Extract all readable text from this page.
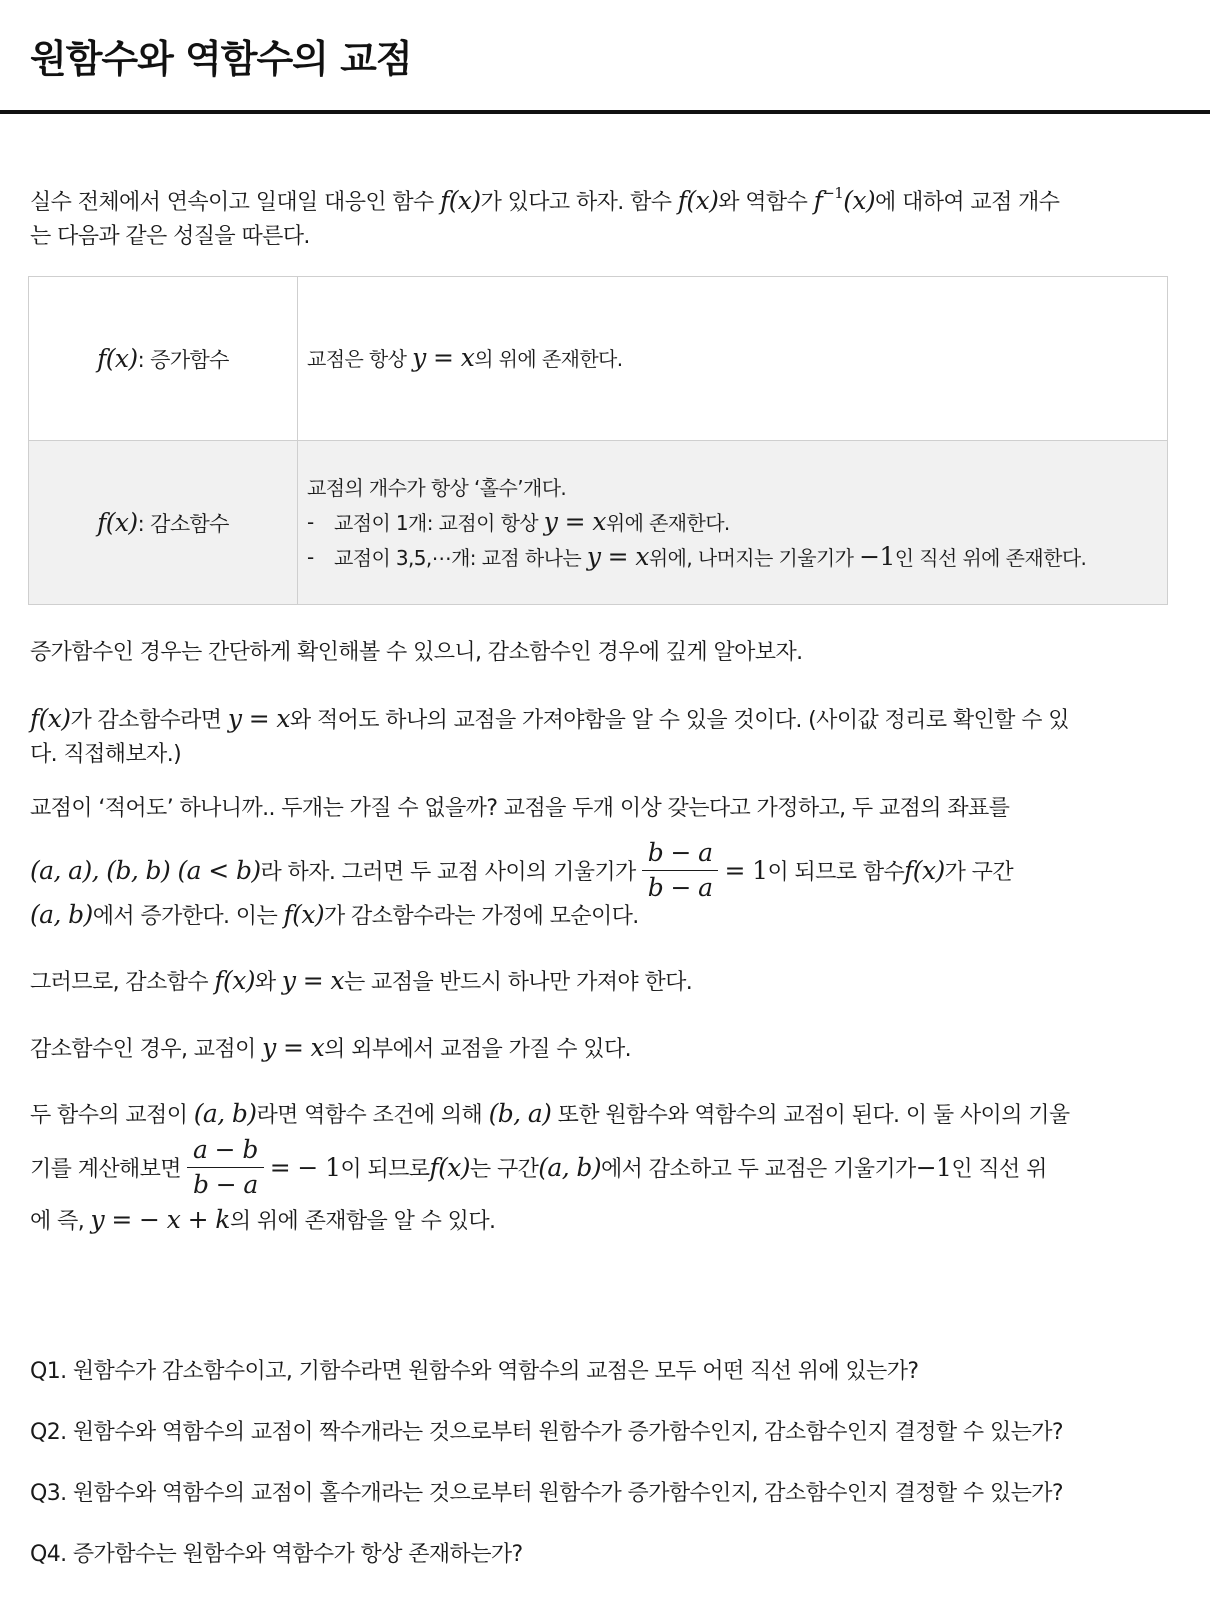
원함수와 역함수의 교점
실수 전체에서 연속이고 일대일 대응인 함수 f(x)가 있다고 하자. 함수 f(x)와 역함수 $f^{-1}(x)$에 대하여 교점 개수
는 다음과 같은 성질을 따른다.
f(x) : 증가함수	교점은 항상 y = x의 위에 존재한다.
f(x) : 감소함수
교점의 개수가 항상 ‘홀수’개다.
-	교점이 1개: 교점이 항상 y = x위에 존재한다.
-	교점이 3,5,⋯개: 교점 하나는 y = x위에, 나머지는 기울기가 −1인 직선 위에 존재한다.
증가함수인 경우는 간단하게 확인해볼 수 있으니, 감소함수인 경우에 깊게 알아보자.
f(x)가 감소함수라면 y = x와 적어도 하나의 교점을 가져야함을 알 수 있을 것이다. (사이값 정리로 확인할 수 있
다. 직접해보자.)
교점이 ‘적어도’ 하나니까.. 두개는 가질 수 없을까? 교점을 두개 이상 갖는다고 가정하고, 두 교점의 좌표를
(a, a), (b, b) (a < b) 라 하자. 그러면 두 교점 사이의 기울기가 $\frac{b - a}{b - a} = 1$ 이 되므로 함수 f(x) 가 구간
(a, b)에서 증가한다. 이는 f(x)가 감소함수라는 가정에 모순이다.
그러므로, 감소함수 f(x)와 y = x는 교점을 반드시 하나만 가져야 한다.
감소함수인 경우, 교점이 y = x의 외부에서 교점을 가질 수 있다.
두 함수의 교점이 (a, b)라면 역함수 조건에 의해 (b, a) 또한 원함수와 역함수의 교점이 된다. 이 둘 사이의 기울
기를 계산해보면 $\frac{a - b}{b - a}$ = − 1 이 되므로 f(x) 는 구간 (a, b) 에서 감소하고 두 교점은 기울기가 −1 인 직선 위
에 즉, y = − x + k의 위에 존재함을 알 수 있다.
Q1. 원함수가 감소함수이고, 기함수라면 원함수와 역함수의 교점은 모두 어떤 직선 위에 있는가?
Q2. 원함수와 역함수의 교점이 짝수개라는 것으로부터 원함수가 증가함수인지, 감소함수인지 결정할 수 있는가?
Q3. 원함수와 역함수의 교점이 홀수개라는 것으로부터 원함수가 증가함수인지, 감소함수인지 결정할 수 있는가?
Q4. 증가함수는 원함수와 역함수가 항상 존재하는가?
